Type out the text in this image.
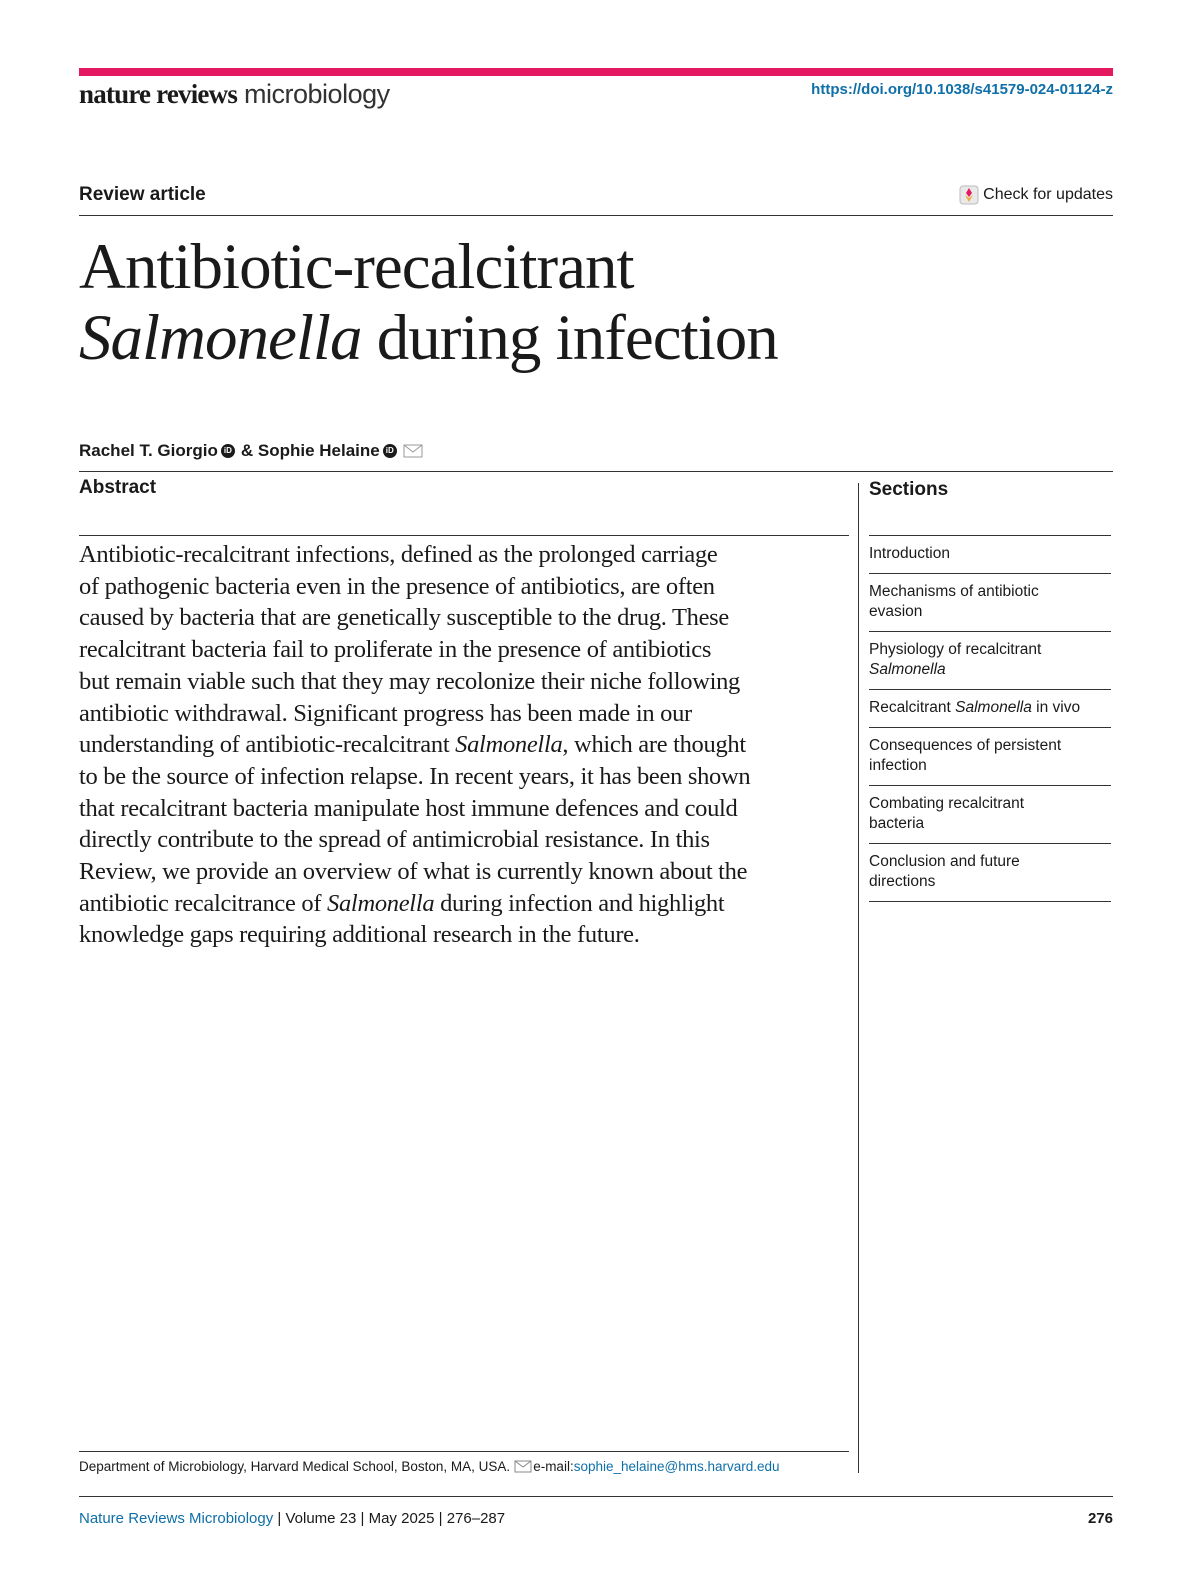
nature reviews microbiology	https://doi.org/10.1038/s41579-024-01124-z
Review article	Check for updates
Antibiotic-recalcitrant
Salmonella during infection
Rachel T. Giorgio iD & Sophie Helaine iD
Abstract
Antibiotic-recalcitrant infections, defined as the prolonged carriage
of pathogenic bacteria even in the presence of antibiotics, are often
caused by bacteria that are genetically susceptible to the drug. These
recalcitrant bacteria fail to proliferate in the presence of antibiotics
but remain viable such that they may recolonize their niche following
antibiotic withdrawal. Significant progress has been made in our
understanding of antibiotic-recalcitrant Salmonella, which are thought
to be the source of infection relapse. In recent years, it has been shown
that recalcitrant bacteria manipulate host immune defences and could
directly contribute to the spread of antimicrobial resistance. In this
Review, we provide an overview of what is currently known about the
antibiotic recalcitrance of Salmonella during infection and highlight
knowledge gaps requiring additional research in the future.
Sections
Introduction
Mechanisms of antibiotic
evasion
Physiology of recalcitrant
Salmonella
Recalcitrant Salmonella in vivo
Consequences of persistent
infection
Combating recalcitrant
bacteria
Conclusion and future
directions
Department of Microbiology, Harvard Medical School, Boston, MA, USA. e-mail: sophie_helaine@hms.harvard.edu
Nature Reviews Microbiology | Volume 23 | May 2025 | 276–287	276
